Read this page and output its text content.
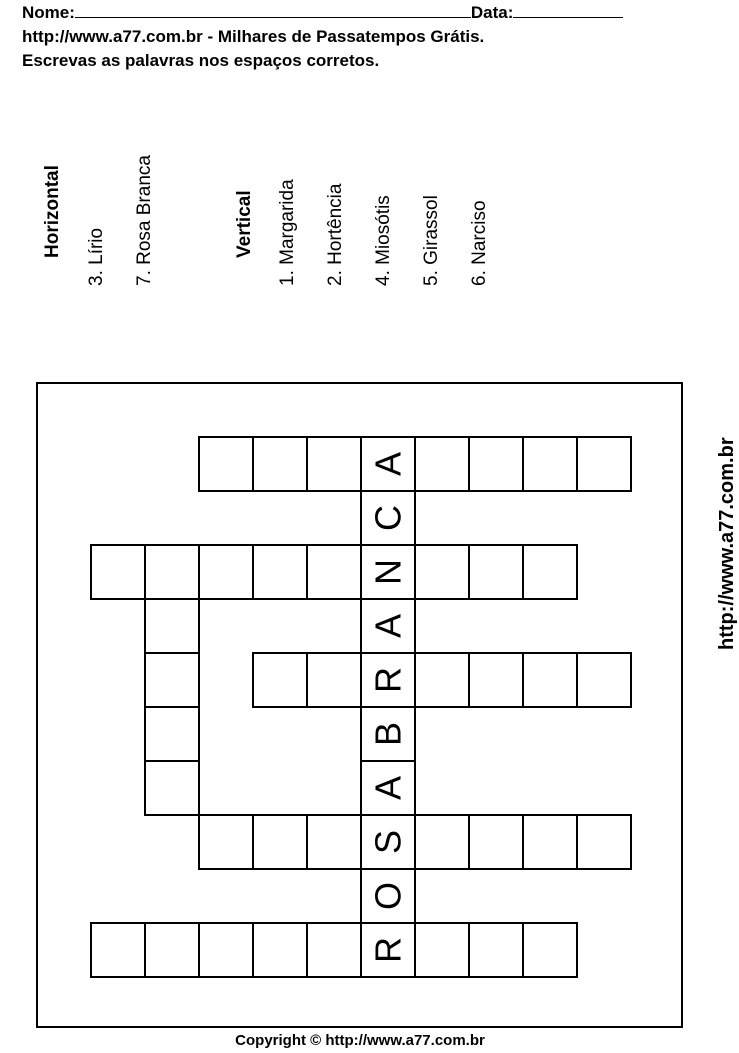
Nome:	Data:
http://www.a77.com.br - Milhares de Passatempos Grátis.
Escrevas as palavras nos espaços corretos.
Horizontal 3. Lírio 7. Rosa Branca	Vertical 1. Margarida 2. Hortência 4. Miosótis 5. Girassol 6. Narciso
http://www.a77.com.br
A
C
N
A
R
B
A
S
O
R
Copyright © http://www.a77.com.br
